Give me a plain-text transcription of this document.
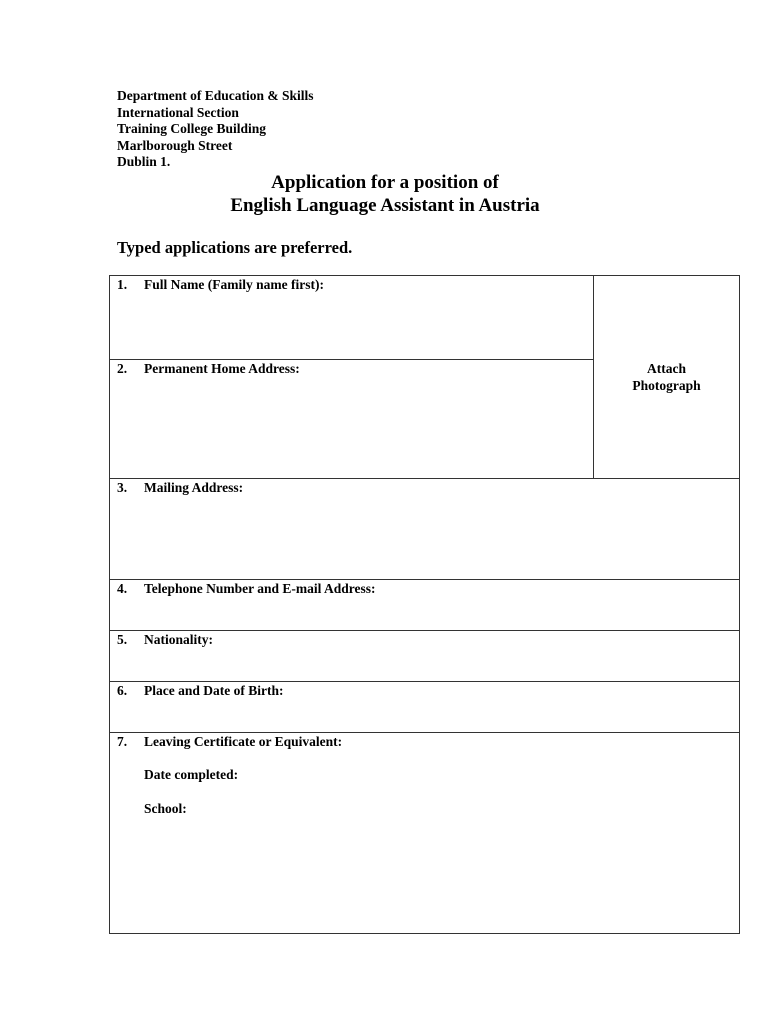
Department of Education & Skills
International Section
Training College Building
Marlborough Street
Dublin 1.
Application for a position of
English Language Assistant in Austria
Typed applications are preferred.
1. Full Name (Family name first):
2. Permanent Home Address:	Attach
Photograph
3. Mailing Address:
4. Telephone Number and E-mail Address:
5. Nationality:
6. Place and Date of Birth:
7. Leaving Certificate or Equivalent:
Date completed:
School:
